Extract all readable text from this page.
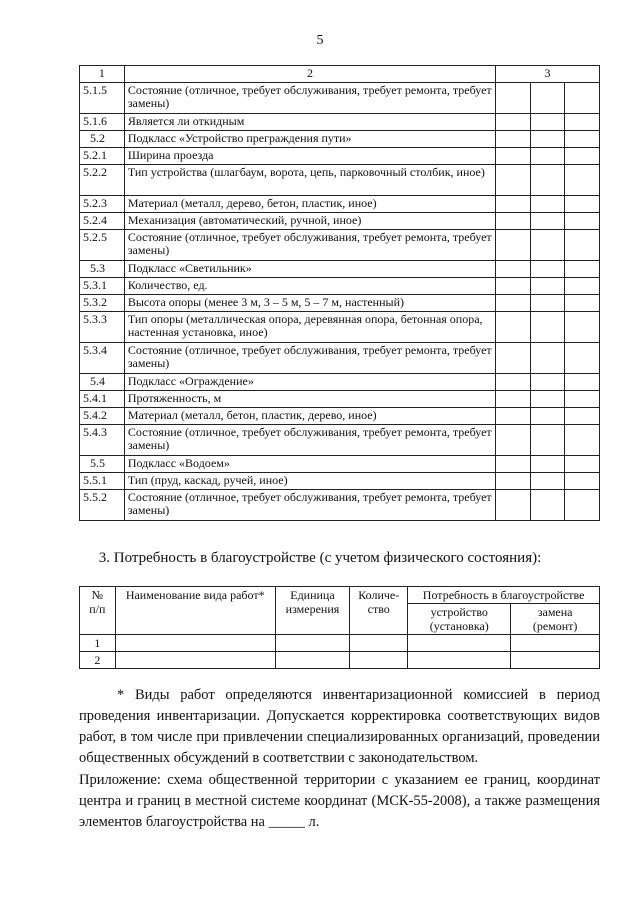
5
1	2	3		
5.1.5	Состояние (отличное, требует обслуживания, требует ремонта, требует замены)			
5.1.6	Является ли откидным			
5.2	Подкласс «Устройство преграждения пути»			
5.2.1	Ширина проезда			
5.2.2	Тип устройства (шлагбаум, ворота, цепь, парковочный столбик, иное)			
5.2.3	Материал (металл, дерево, бетон, пластик, иное)			
5.2.4	Механизация (автоматический, ручной, иное)			
5.2.5	Состояние (отличное, требует обслуживания, требует ремонта, требует замены)			
5.3	Подкласс «Светильник»			
5.3.1	Количество, ед.			
5.3.2	Высота опоры (менее 3 м, 3 – 5 м, 5 – 7 м, настенный)			
5.3.3	Тип опоры (металлическая опора, деревянная опора, бетонная опора, настенная установка, иное)			
5.3.4	Состояние (отличное, требует обслуживания, требует ремонта, требует замены)			
5.4	Подкласс «Ограждение»			
5.4.1	Протяженность, м			
5.4.2	Материал (металл, бетон, пластик, дерево, иное)			
5.4.3	Состояние (отличное, требует обслуживания, требует ремонта, требует замены)			
5.5	Подкласс «Водоем»			
5.5.1	Тип (пруд, каскад, ручей, иное)			
5.5.2	Состояние (отличное, требует обслуживания, требует ремонта, требует замены)			
3. Потребность в благоустройстве (с учетом физического состояния):
№
п/п	Наименование вида работ*	Единица измерения	Количе-ство	Потребность в благоустройстве	
				устройство (установка)	замена (ремонт)
1					
2					
* Виды работ определяются инвентаризационной комиссией в период проведения инвентаризации. Допускается корректировка соответствующих видов работ, в том числе при привлечении специализированных организаций, проведении общественных обсуждений в соответствии с законодательством.
Приложение: схема общественной территории с указанием ее границ, координат центра и границ в местной системе координат (МСК-55-2008), а также размещения элементов благоустройства на _____ л.
